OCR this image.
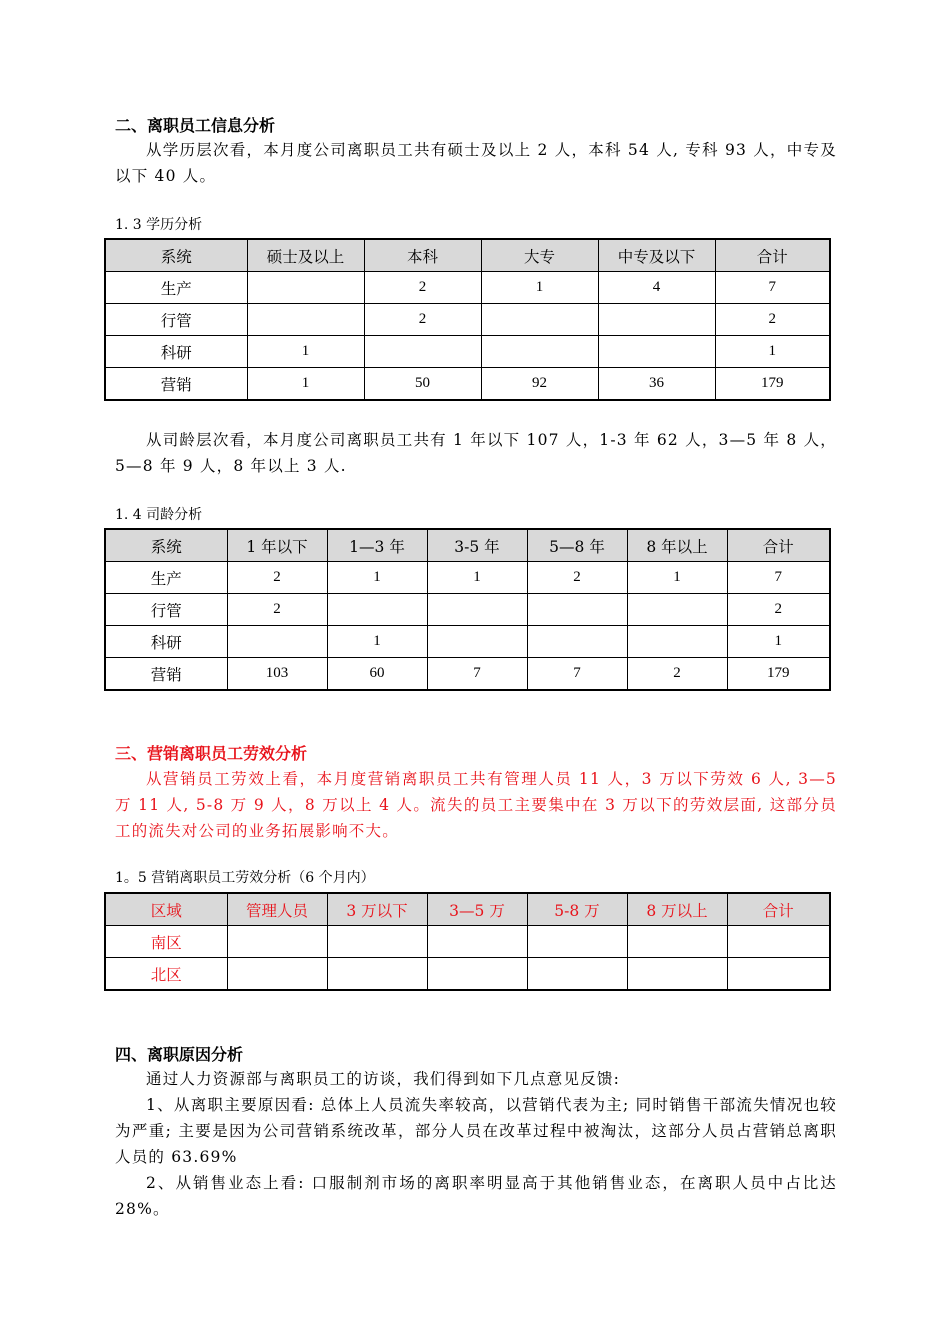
二、离职员工信息分析
从学历层次看，本月度公司离职员工共有硕士及以上 2 人，本科 54 人, 专科 93 人，中专及以下 40 人。
1. 3 学历分析
系统	硕士及以上	本科	大专	中专及以下	合计
生产		2	1	4	7
行管		2			2
科研	1				1
营销	1	50	92	36	179
从司龄层次看，本月度公司离职员工共有 1 年以下 107 人，1-3 年 62 人，3—5 年 8 人，5—8 年 9 人，8 年以上 3 人.
1. 4 司龄分析
系统	1 年以下	1—3 年	3-5 年	5—8 年	8 年以上	合计
生产	2	1	1	2	1	7
行管	2					2
科研		1				1
营销	103	60	7	7	2	179
三、营销离职员工劳效分析
从营销员工劳效上看，本月度营销离职员工共有管理人员 11 人，3 万以下劳效 6 人, 3—5 万 11 人, 5-8 万 9 人，8 万以上 4 人。流失的员工主要集中在 3 万以下的劳效层面, 这部分员工的流失对公司的业务拓展影响不大。
1。5 营销离职员工劳效分析（6 个月内）
区域	管理人员	3 万以下	3—5 万	5-8 万	8 万以上	合计
南区						
北区						
四、离职原因分析
通过人力资源部与离职员工的访谈，我们得到如下几点意见反馈:
1、从离职主要原因看: 总体上人员流失率较高，以营销代表为主; 同时销售干部流失情况也较为严重; 主要是因为公司营销系统改革，部分人员在改革过程中被淘汰，这部分人员占营销总离职人员的 63.69%
2、从销售业态上看: 口服制剂市场的离职率明显高于其他销售业态，在离职人员中占比达 28%。
